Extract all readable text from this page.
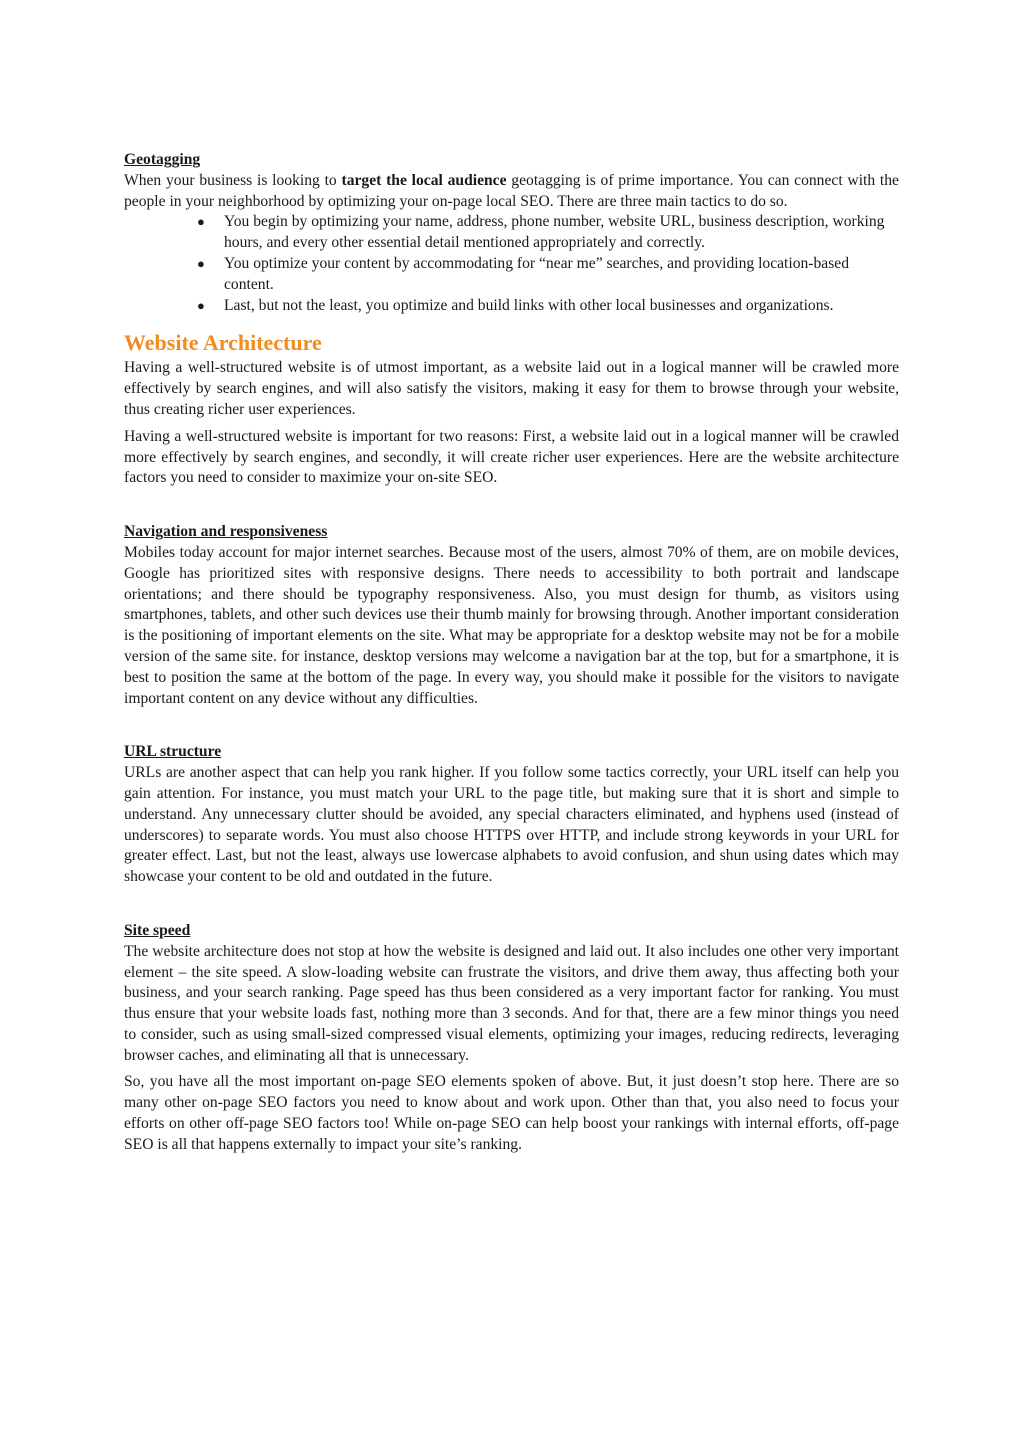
Geotagging

When your business is looking to target the local audience geotagging is of prime importance. You can connect with the people in your neighborhood by optimizing your on-page local SEO. There are three main tactics to do so.

● You begin by optimizing your name, address, phone number, website URL, business description, working hours, and every other essential detail mentioned appropriately and correctly.
● You optimize your content by accommodating for “near me” searches, and providing location-based content.
● Last, but not the least, you optimize and build links with other local businesses and organizations.
Website Architecture

Having a well-structured website is of utmost important, as a website laid out in a logical manner will be crawled more effectively by search engines, and will also satisfy the visitors, making it easy for them to browse through your website, thus creating richer user experiences.

Having a well-structured website is important for two reasons: First, a website laid out in a logical manner will be crawled more effectively by search engines, and secondly, it will create richer user experiences. Here are the website architecture factors you need to consider to maximize your on-site SEO.

Navigation and responsiveness

Mobiles today account for major internet searches. Because most of the users, almost 70% of them, are on mobile devices, Google has prioritized sites with responsive designs. There needs to accessibility to both portrait and landscape orientations; and there should be typography responsiveness. Also, you must design for thumb, as visitors using smartphones, tablets, and other such devices use their thumb mainly for browsing through. Another important consideration is the positioning of important elements on the site. What may be appropriate for a desktop website may not be for a mobile version of the same site. for instance, desktop versions may welcome a navigation bar at the top, but for a smartphone, it is best to position the same at the bottom of the page. In every way, you should make it possible for the visitors to navigate important content on any device without any difficulties.

URL structure

URLs are another aspect that can help you rank higher. If you follow some tactics correctly, your URL itself can help you gain attention. For instance, you must match your URL to the page title, but making sure that it is short and simple to understand. Any unnecessary clutter should be avoided, any special characters eliminated, and hyphens used (instead of underscores) to separate words. You must also choose HTTPS over HTTP, and include strong keywords in your URL for greater effect. Last, but not the least, always use lowercase alphabets to avoid confusion, and shun using dates which may showcase your content to be old and outdated in the future.

Site speed

The website architecture does not stop at how the website is designed and laid out. It also includes one other very important element – the site speed. A slow-loading website can frustrate the visitors, and drive them away, thus affecting both your business, and your search ranking. Page speed has thus been considered as a very important factor for ranking. You must thus ensure that your website loads fast, nothing more than 3 seconds. And for that, there are a few minor things you need to consider, such as using small-sized compressed visual elements, optimizing your images, reducing redirects, leveraging browser caches, and eliminating all that is unnecessary.

So, you have all the most important on-page SEO elements spoken of above. But, it just doesn’t stop here. There are so many other on-page SEO factors you need to know about and work upon. Other than that, you also need to focus your efforts on other off-page SEO factors too! While on-page SEO can help boost your rankings with internal efforts, off-page SEO is all that happens externally to impact your site’s ranking.
